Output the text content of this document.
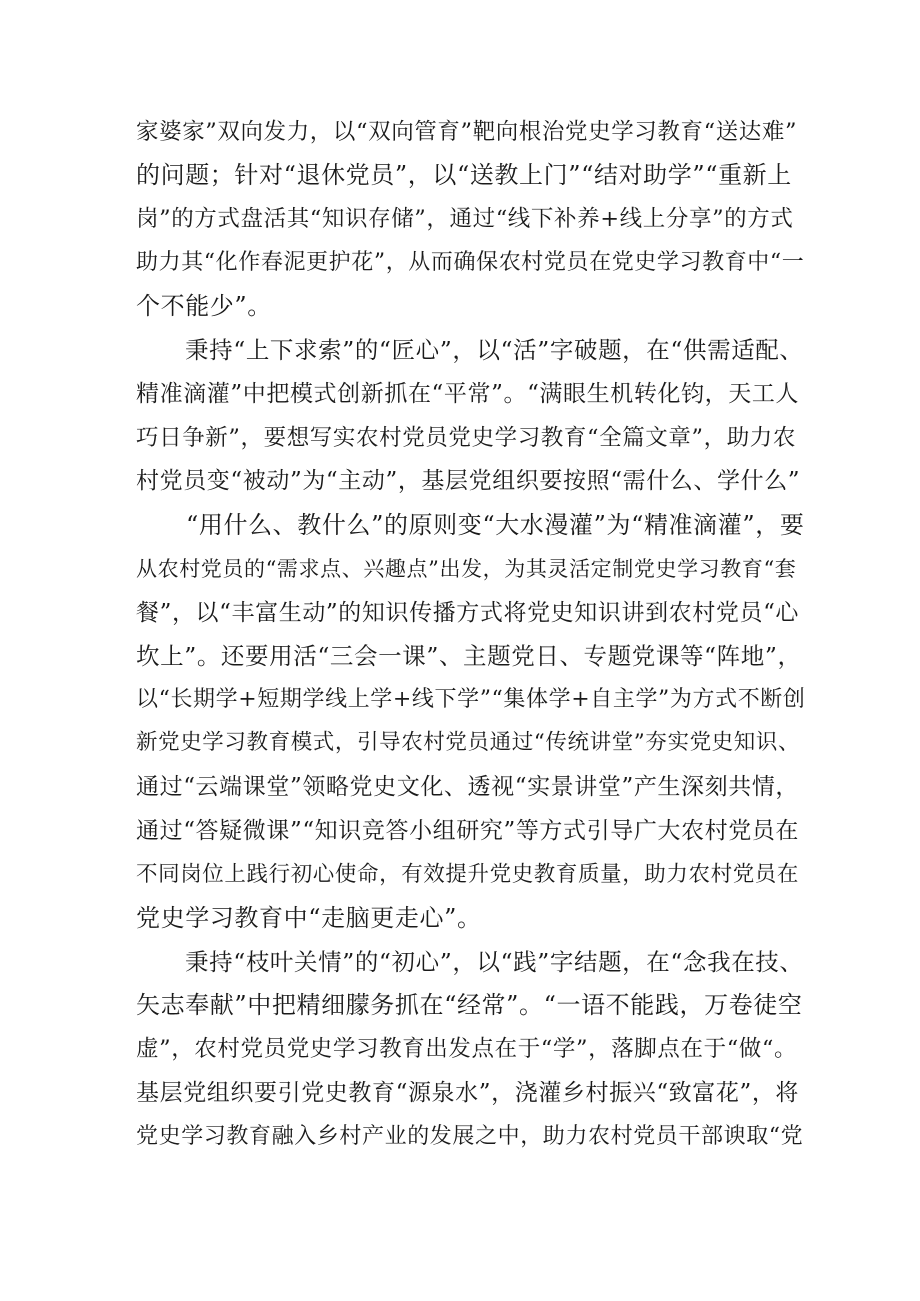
家婆家”双向发力，以“双向管育”靶向根治党史学习教育“送达难”
的问题；针对“退休党员”，以“送教上门”“结对助学”“重新上
岗”的方式盘活其“知识存储”，通过“线下补养+线上分享”的方式
助力其“化作春泥更护花”，从而确保农村党员在党史学习教育中“一
个不能少”。
秉持“上下求索”的“匠心”，以“活”字破题，在“供需适配、
精准滴灌”中把模式创新抓在“平常”。“满眼生机转化钧，天工人
巧日争新”，要想写实农村党员党史学习教育“全篇文章”，助力农
村党员变“被动”为“主动”，基层党组织要按照“需什么、学什么”
“用什么、教什么”的原则变“大水漫灌”为“精准滴灌”，要
从农村党员的“需求点、兴趣点”出发，为其灵活定制党史学习教育“套
餐”，以“丰富生动”的知识传播方式将党史知识讲到农村党员“心
坎上”。还要用活“三会一课”、主题党日、专题党课等“阵地”，
以“长期学+短期学线上学+线下学”“集体学+自主学”为方式不断创
新党史学习教育模式，引导农村党员通过“传统讲堂”夯实党史知识、
通过“云端课堂”领略党史文化、透视“实景讲堂”产生深刻共情，
通过“答疑微课”“知识竞答小组研究”等方式引导广大农村党员在
不同岗位上践行初心使命，有效提升党史教育质量，助力农村党员在
党史学习教育中“走脑更走心”。
秉持“枝叶关情”的“初心”，以“践”字结题，在“念我在技、
矢志奉献”中把精细朦务抓在“经常”。“一语不能践，万卷徒空
虚”，农村党员党史学习教育出发点在于“学”，落脚点在于“做“。
基层党组织要引党史教育“源泉水”，浇灌乡村振兴“致富花”，将
党史学习教育融入乡村产业的发展之中，助力农村党员干部谀取“党
